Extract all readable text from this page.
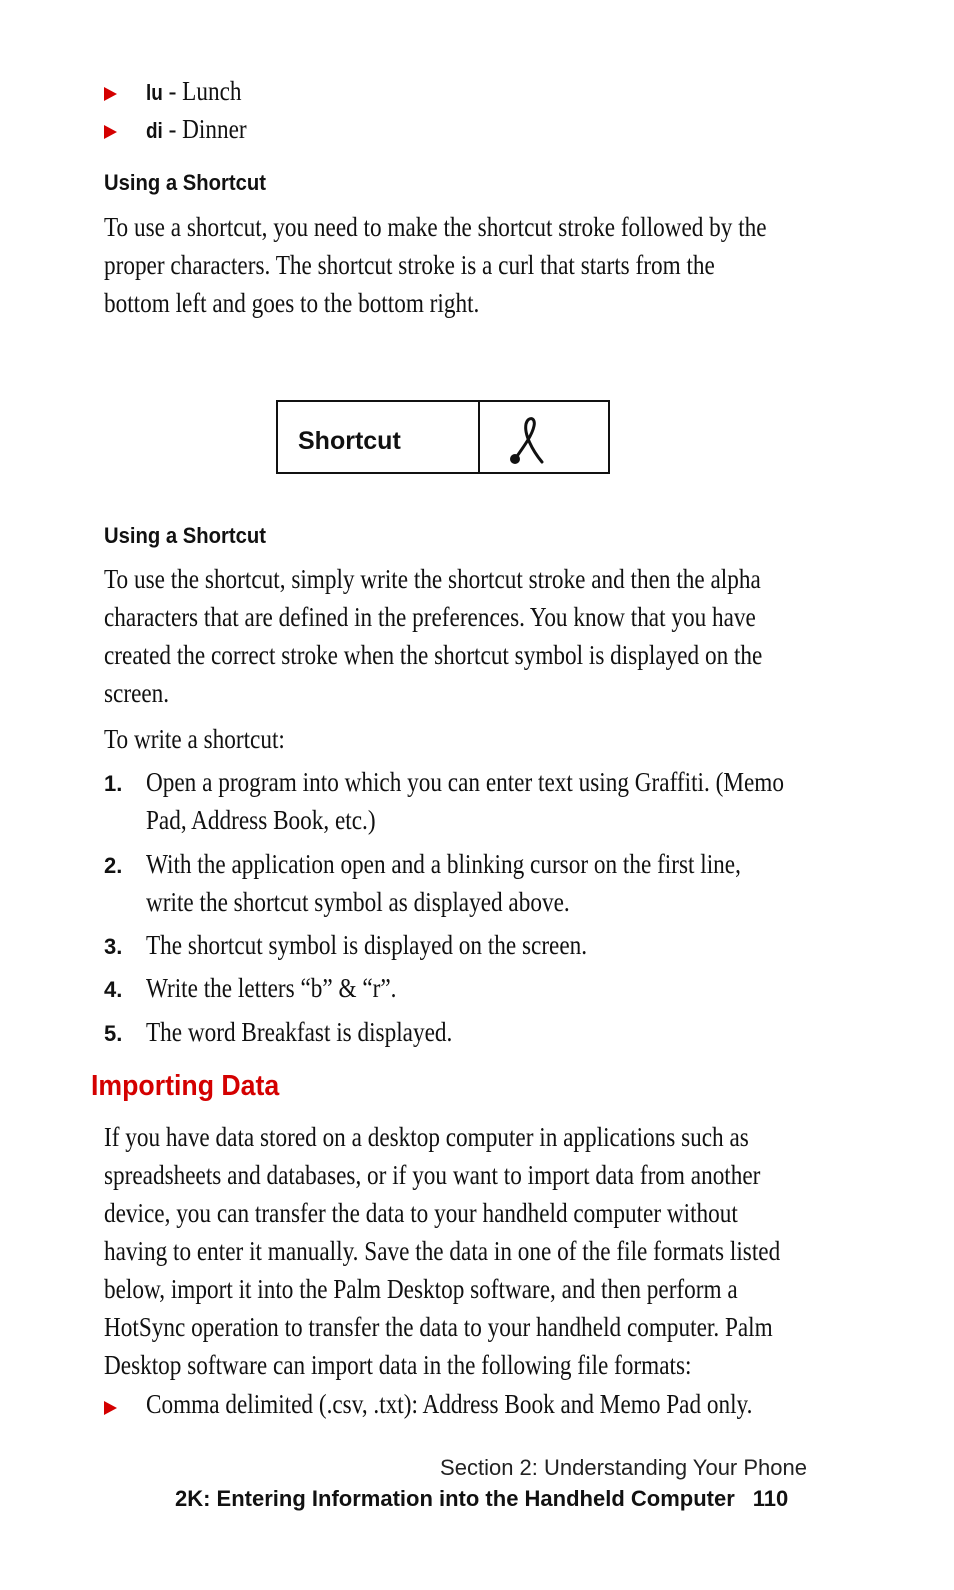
lu - Lunch
di - Dinner
Using a Shortcut
To use a shortcut, you need to make the shortcut stroke followed by the
proper characters. The shortcut stroke is a curl that starts from the
bottom left and goes to the bottom right.
Shortcut
Using a Shortcut
To use the shortcut, simply write the shortcut stroke and then the alpha
characters that are defined in the preferences. You know that you have
created the correct stroke when the shortcut symbol is displayed on the
screen.
To write a shortcut:
1. Open a program into which you can enter text using Graffiti. (Memo
Pad, Address Book, etc.)
2. With the application open and a blinking cursor on the first line,
write the shortcut symbol as displayed above.
3. The shortcut symbol is displayed on the screen.
4. Write the letters “b” & “r”.
5. The word Breakfast is displayed.
Importing Data
If you have data stored on a desktop computer in applications such as
spreadsheets and databases, or if you want to import data from another
device, you can transfer the data to your handheld computer without
having to enter it manually. Save the data in one of the file formats listed
below, import it into the Palm Desktop software, and then perform a
HotSync operation to transfer the data to your handheld computer. Palm
Desktop software can import data in the following file formats:
Comma delimited (.csv, .txt): Address Book and Memo Pad only.
Section 2: Understanding Your Phone
2K: Entering Information into the Handheld Computer 110
